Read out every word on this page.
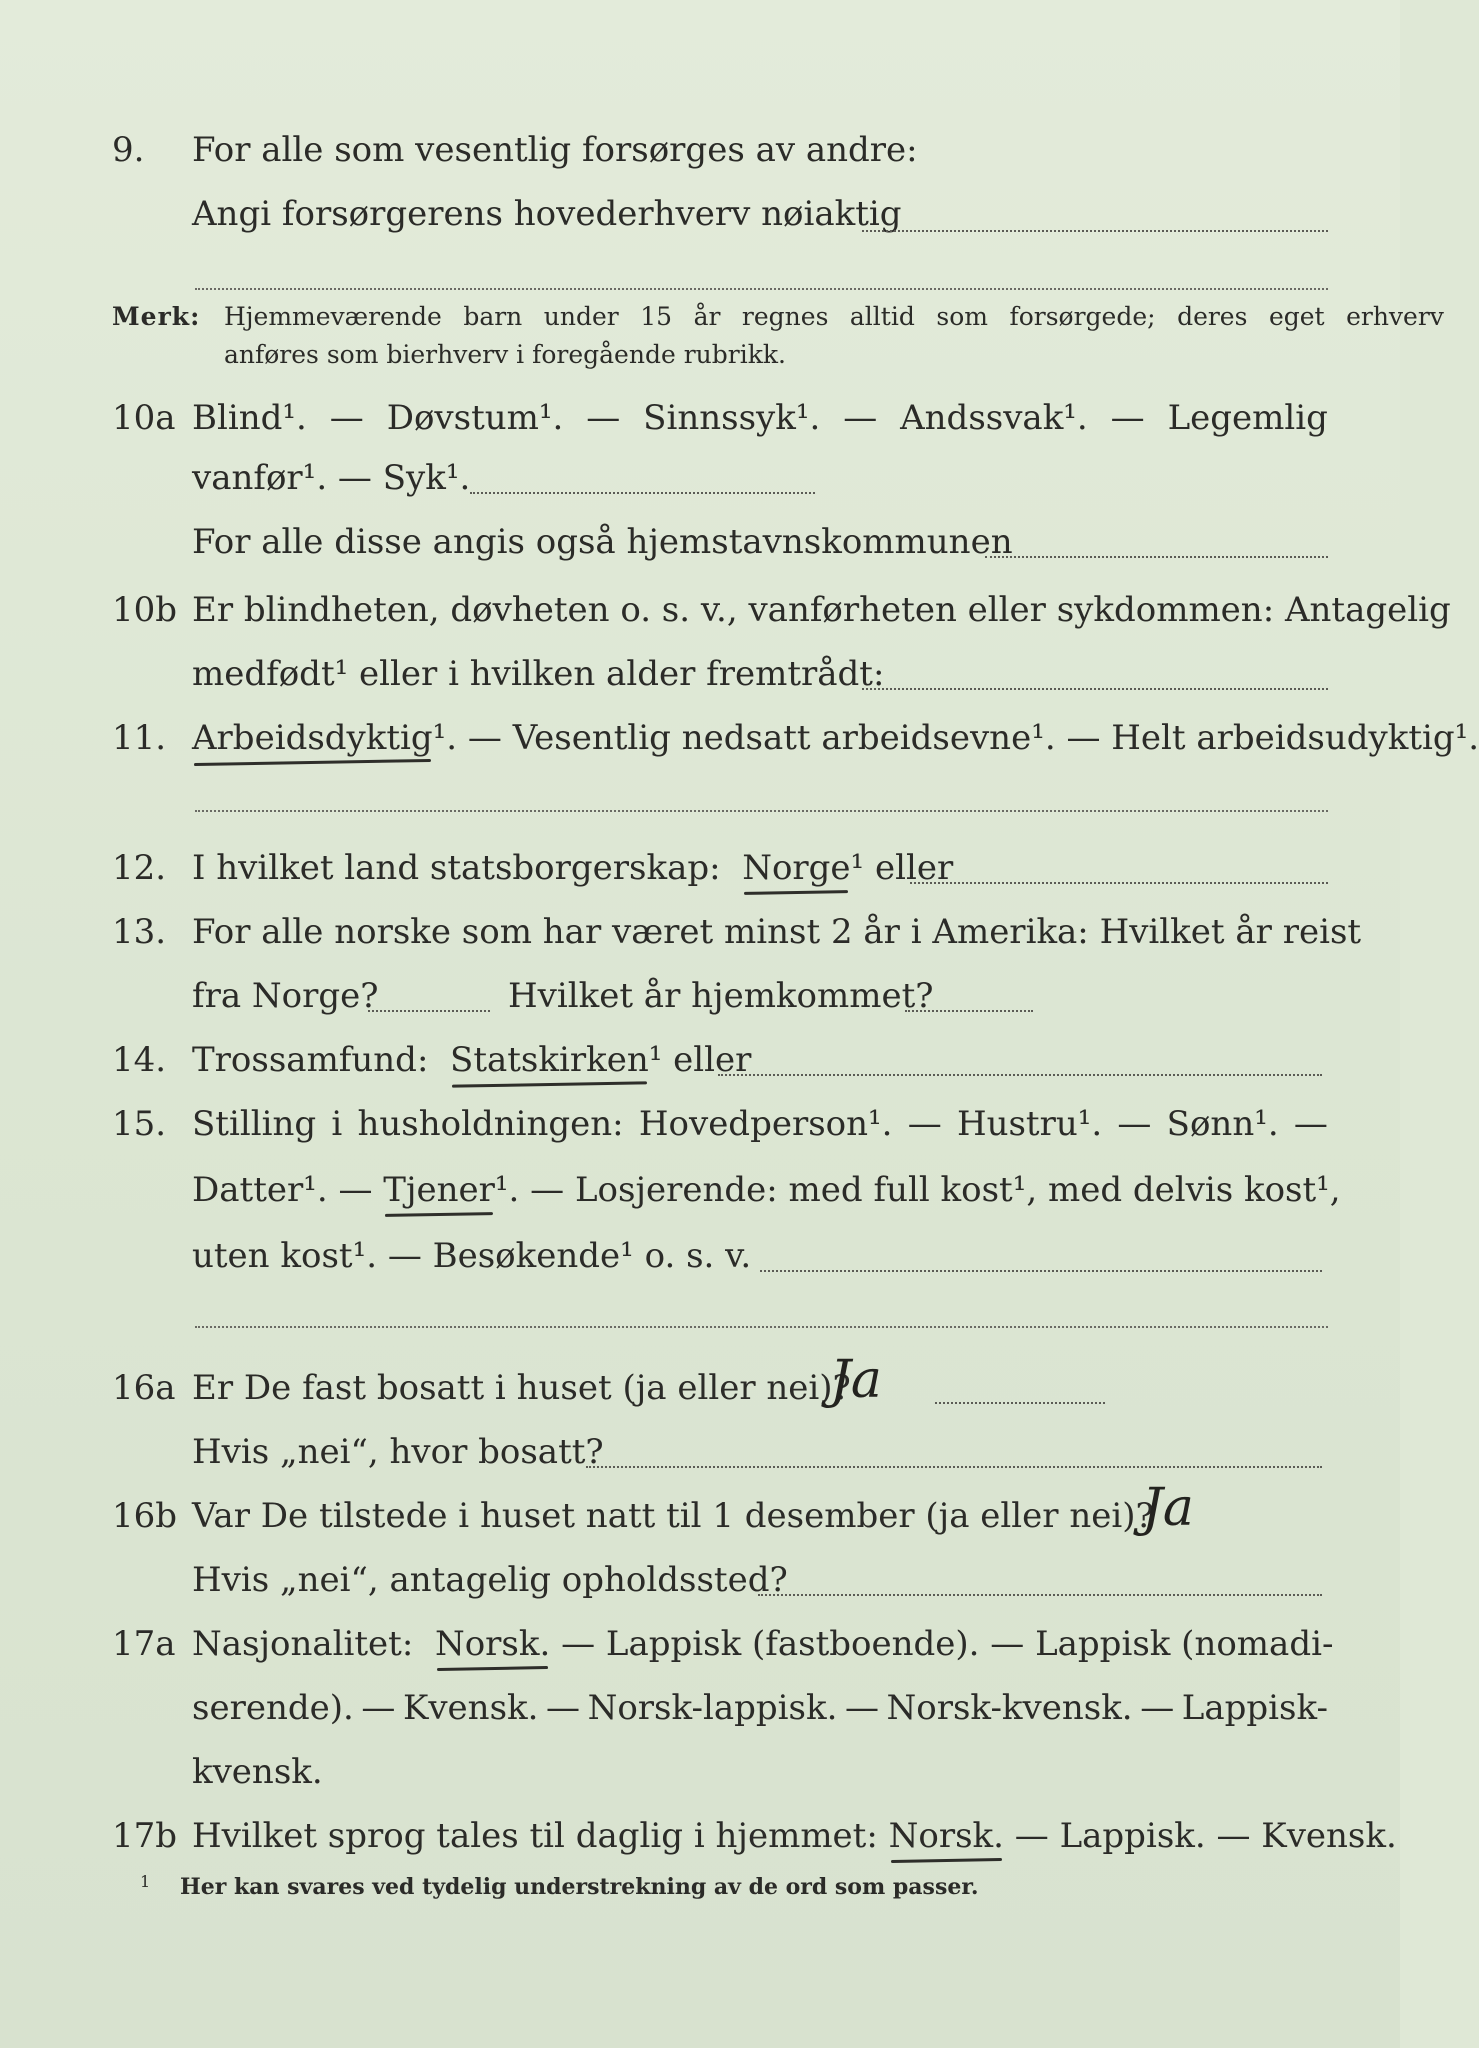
9. For alle som vesentlig forsørges av andre:
Angi forsørgerens hovederhverv nøiaktig
Merk: Hjemmeværende barn under 15 år regnes alltid som forsørgede; deres eget erhverv
anføres som bierhverv i foregående rubrikk.
10a Blind¹. — Døvstum¹. — Sinnssyk¹. — Andssvak¹. — Legemlig
vanfør¹. — Syk¹.
For alle disse angis også hjemstavnskommunen
10b Er blindheten, døvheten o. s. v., vanførheten eller sykdommen: Antagelig
medfødt¹ eller i hvilken alder fremtrådt:
11. Arbeidsdyktig¹. — Vesentlig nedsatt arbeidsevne¹. — Helt arbeidsudyktig¹.
12. I hvilket land statsborgerskap: Norge¹ eller
13. For alle norske som har været minst 2 år i Amerika: Hvilket år reist
fra Norge?	Hvilket år hjemkommet?
14. Trossamfund: Statskirken¹ eller
15. Stilling i husholdningen: Hovedperson¹. — Hustru¹. — Sønn¹. —
Datter¹. — Tjener¹. — Losjerende: med full kost¹, med delvis kost¹,
uten kost¹. — Besøkende¹ o. s. v.
16a Er De fast bosatt i huset (ja eller nei)?
Ja
Hvis „nei“, hvor bosatt?
16b Var De tilstede i huset natt til 1 desember (ja eller nei)?
Ja
Hvis „nei“, antagelig opholdssted?
17a Nasjonalitet: Norsk. — Lappisk (fastboende). — Lappisk (nomadi-
serende). — Kvensk. — Norsk-lappisk. — Norsk-kvensk. — Lappisk-
kvensk.
17b Hvilket sprog tales til daglig i hjemmet: Norsk. — Lappisk. — Kvensk.
1 Her kan svares ved tydelig understrekning av de ord som passer.
